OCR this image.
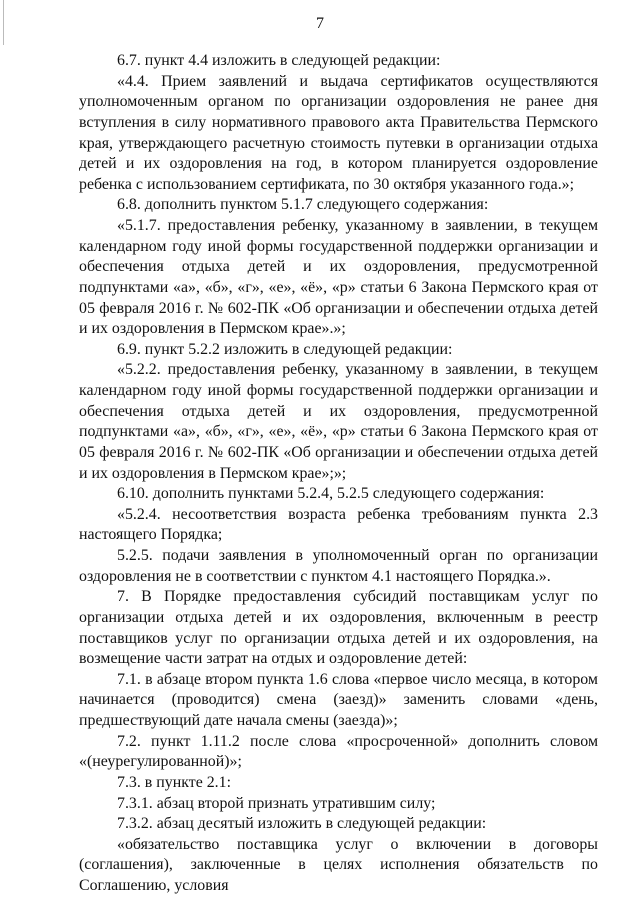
7

6.7. пункт 4.4 изложить в следующей редакции:

«4.4. Прием заявлений и выдача сертификатов осуществляются уполномоченным органом по организации оздоровления не ранее дня вступления в силу нормативного правового акта Правительства Пермского края, утверждающего расчетную стоимость путевки в организации отдыха детей и их оздоровления на год, в котором планируется оздоровление ребенка с использованием сертификата, по 30 октября указанного года.»;

6.8. дополнить пунктом 5.1.7 следующего содержания:

«5.1.7. предоставления ребенку, указанному в заявлении, в текущем календарном году иной формы государственной поддержки организации и обеспечения отдыха детей и их оздоровления, предусмотренной подпунктами «а», «б», «г», «е», «ё», «р» статьи 6 Закона Пермского края от 05 февраля 2016 г. № 602-ПК «Об организации и обеспечении отдыха детей и их оздоровления в Пермском крае».»;

6.9. пункт 5.2.2 изложить в следующей редакции:

«5.2.2. предоставления ребенку, указанному в заявлении, в текущем календарном году иной формы государственной поддержки организации и обеспечения отдыха детей и их оздоровления, предусмотренной подпунктами «а», «б», «г», «е», «ё», «р» статьи 6 Закона Пермского края от 05 февраля 2016 г. № 602-ПК «Об организации и обеспечении отдыха детей и их оздоровления в Пермском крае»;»;

6.10. дополнить пунктами 5.2.4, 5.2.5 следующего содержания:

«5.2.4. несоответствия возраста ребенка требованиям пункта 2.3 настоящего Порядка;

5.2.5. подачи заявления в уполномоченный орган по организации оздоровления не в соответствии с пунктом 4.1 настоящего Порядка.».

7. В Порядке предоставления субсидий поставщикам услуг по организации отдыха детей и их оздоровления, включенным в реестр поставщиков услуг по организации отдыха детей и их оздоровления, на возмещение части затрат на отдых и оздоровление детей:

7.1. в абзаце втором пункта 1.6 слова «первое число месяца, в котором начинается (проводится) смена (заезд)» заменить словами «день, предшествующий дате начала смены (заезда)»;

7.2. пункт 1.11.2 после слова «просроченной» дополнить словом «(неурегулированной)»;

7.3. в пункте 2.1:

7.3.1. абзац второй признать утратившим силу;

7.3.2. абзац десятый изложить в следующей редакции:

«обязательство поставщика услуг о включении в договоры (соглашения), заключенные в целях исполнения обязательств по Соглашению, условия
